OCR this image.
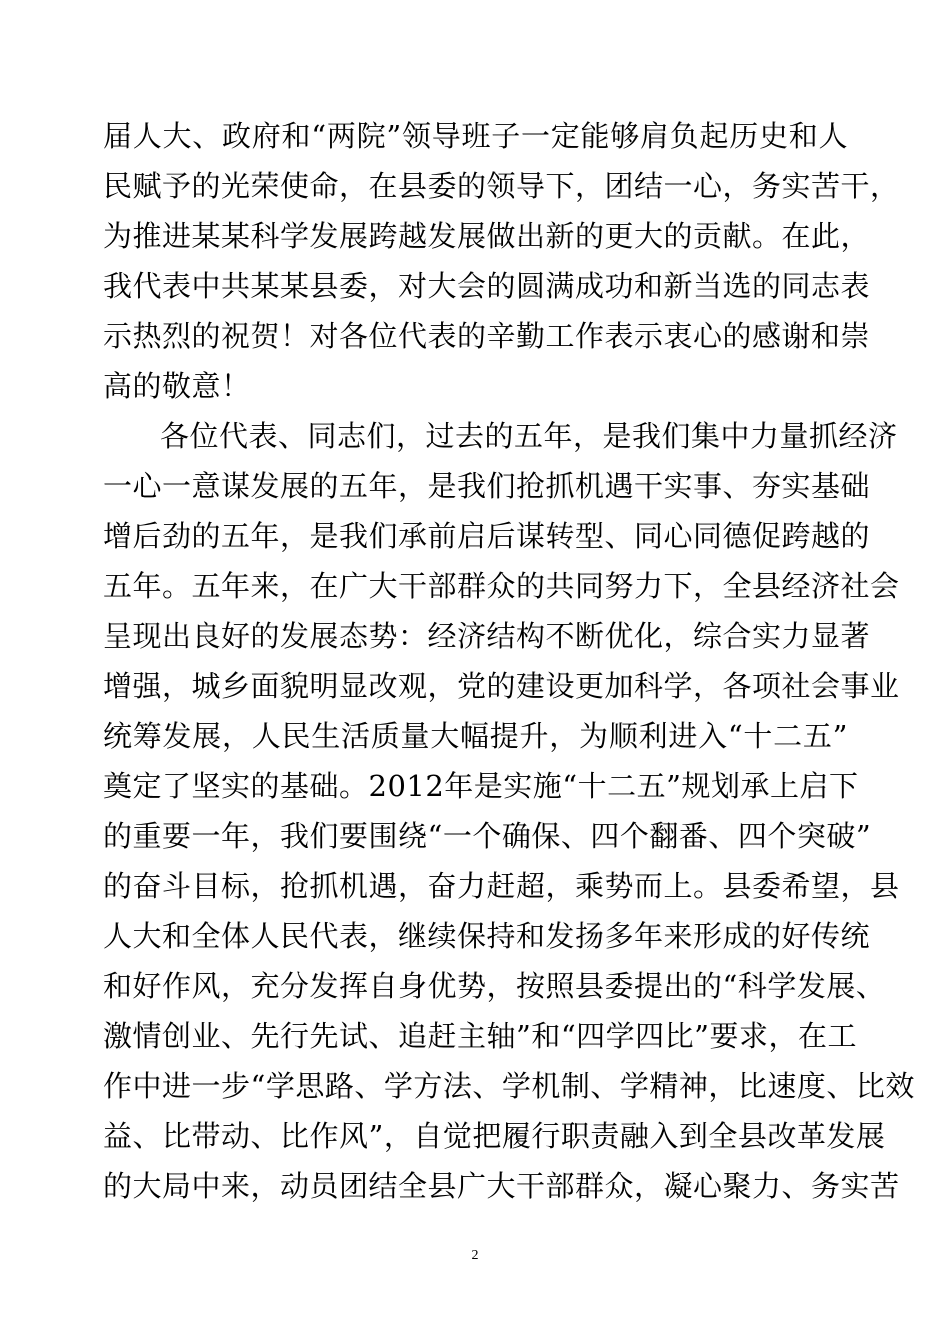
届人大、政府和“两院”领导班子一定能够肩负起历史和人
民赋予的光荣使命，在县委的领导下，团结一心，务实苦干，
为推进某某科学发展跨越发展做出新的更大的贡献。在此，
我代表中共某某县委，对大会的圆满成功和新当选的同志表
示热烈的祝贺！对各位代表的辛勤工作表示衷心的感谢和崇
高的敬意！
各位代表、同志们，过去的五年，是我们集中力量抓经济
一心一意谋发展的五年，是我们抢抓机遇干实事、夯实基础
增后劲的五年，是我们承前启后谋转型、同心同德促跨越的
五年。五年来，在广大干部群众的共同努力下，全县经济社会
呈现出良好的发展态势：经济结构不断优化，综合实力显著
增强，城乡面貌明显改观，党的建设更加科学，各项社会事业
统筹发展，人民生活质量大幅提升，为顺利进入“十二五”
奠定了坚实的基础。2012年是实施“十二五”规划承上启下
的重要一年，我们要围绕“一个确保、四个翻番、四个突破”
的奋斗目标，抢抓机遇，奋力赶超，乘势而上。县委希望，县
人大和全体人民代表，继续保持和发扬多年来形成的好传统
和好作风，充分发挥自身优势，按照县委提出的“科学发展、
激情创业、先行先试、追赶主轴”和“四学四比”要求，在工
作中进一步“学思路、学方法、学机制、学精神，比速度、比效
益、比带动、比作风”，自觉把履行职责融入到全县改革发展
的大局中来，动员团结全县广大干部群众，凝心聚力、务实苦
2
